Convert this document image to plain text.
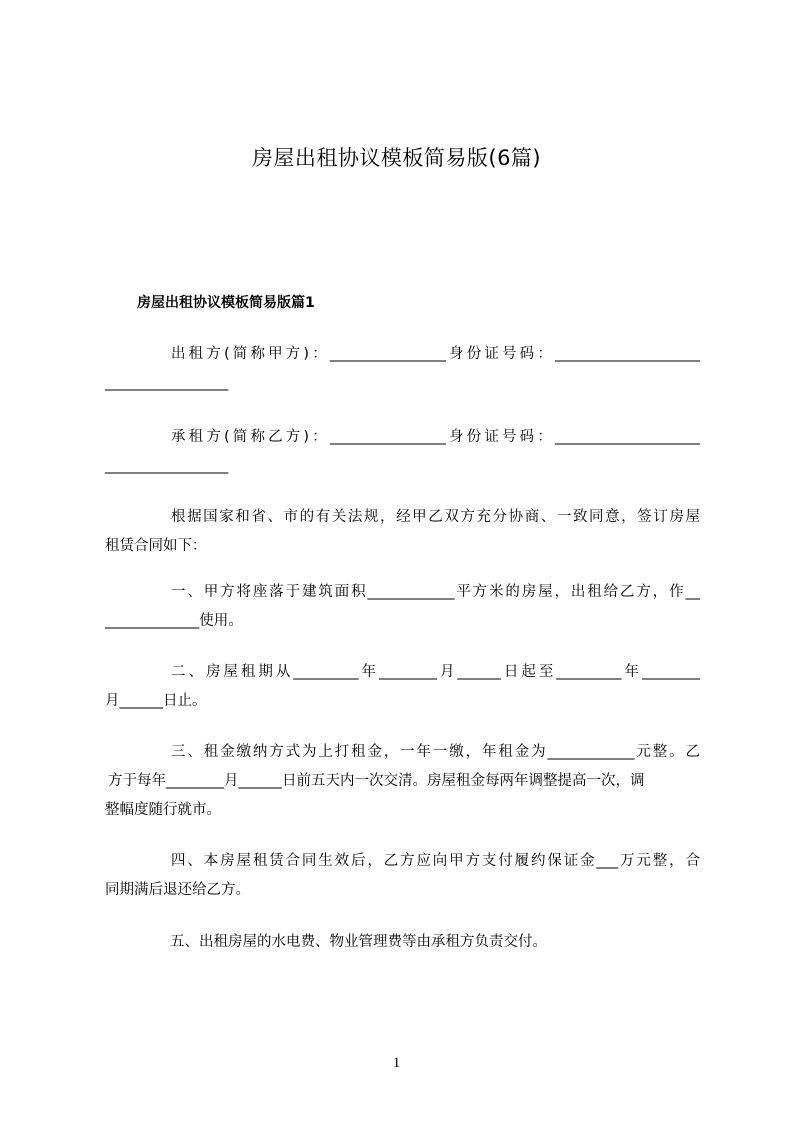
房屋出租协议模板简易版(6篇)
房屋出租协议模板简易版篇1
出租方(简称甲方)：________________身份证号码：____________________
_________________
承租方(简称乙方)：________________身份证号码：____________________
_________________
根据国家和省、市的有关法规，经甲乙双方充分协商、一致同意，签订房屋
租赁合同如下：
一、甲方将座落于建筑面积____________平方米的房屋，出租给乙方，作__
_____________使用。
二、房屋租期从_________年________月______日起至_________年________
月______日止。
三、租金缴纳方式为上打租金，一年一缴，年租金为____________元整。乙
方于每年________月______日前五天内一次交清。房屋租金每两年调整提高一次，调
整幅度随行就市。
四、本房屋租赁合同生效后，乙方应向甲方支付履约保证金___万元整，合
同期满后退还给乙方。
五、出租房屋的水电费、物业管理费等由承租方负责交付。
1
